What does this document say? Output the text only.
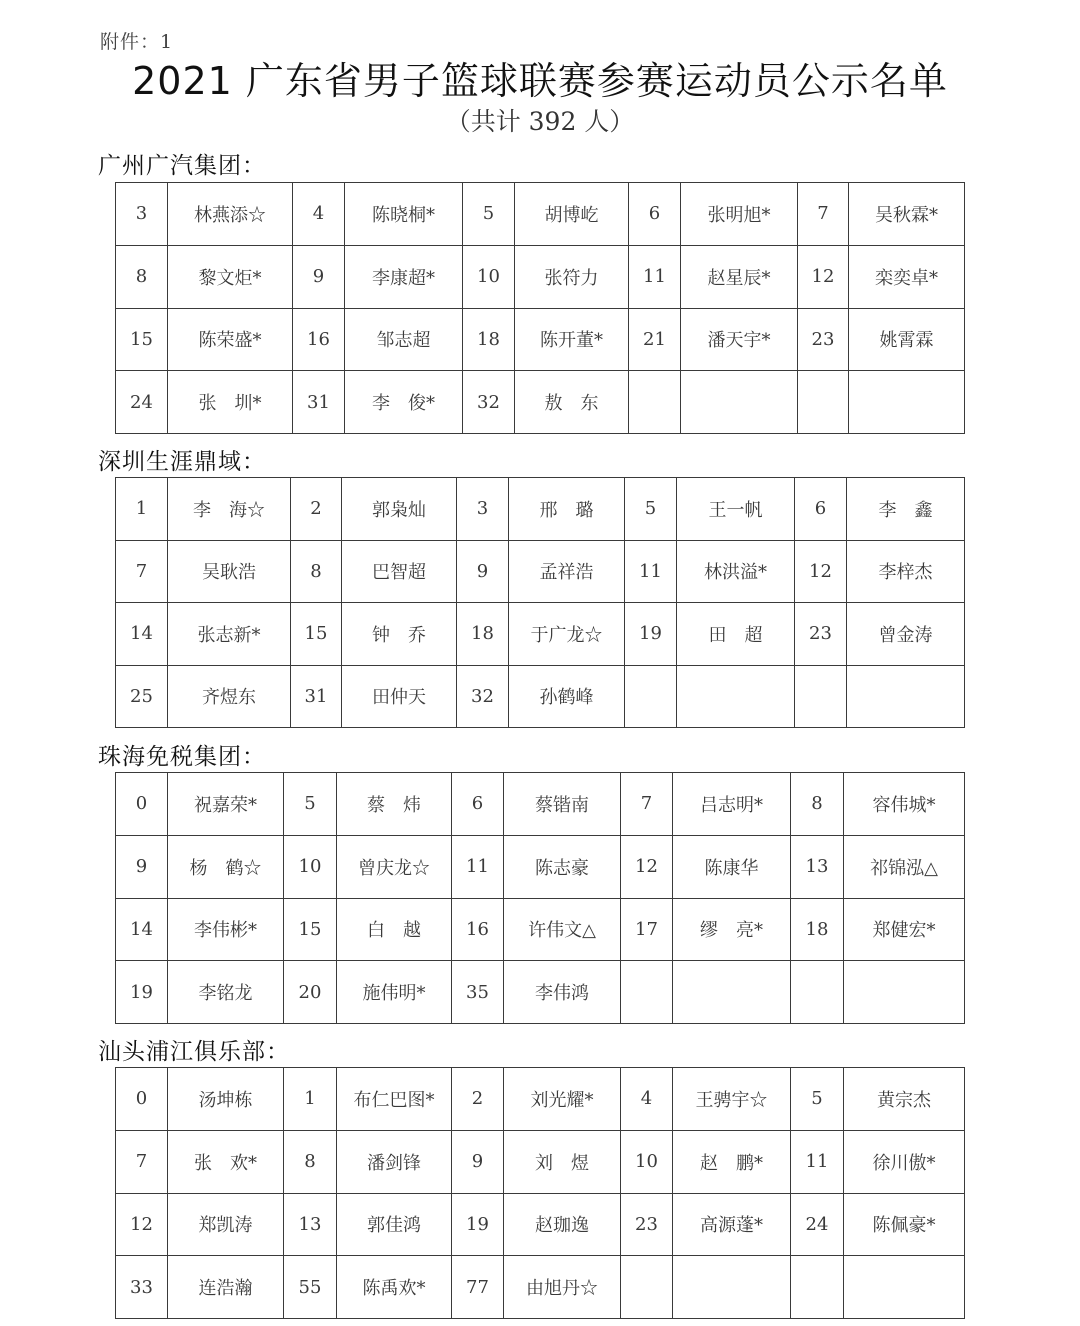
附件：1
2021 广东省男子篮球联赛参赛运动员公示名单
（共计 392 人）
广州广汽集团：
3	林燕添☆	4	陈晓桐*	5	胡博屹	6	张明旭*	7	吴秋霖*
8	黎文炬*	9	李康超*	10	张符力	11	赵星辰*	12	栾奕卓*
15	陈荣盛*	16	邹志超	18	陈开董*	21	潘天宇*	23	姚霄霖
24	张　圳*	31	李　俊*	32	敖　东				
深圳生涯鼎域：
1	李　海☆	2	郭枭灿	3	邢　璐	5	王一帆	6	李　鑫
7	吴耿浩	8	巴智超	9	孟祥浩	11	林洪溢*	12	李梓杰
14	张志新*	15	钟　乔	18	于广龙☆	19	田　超	23	曾金涛
25	齐煜东	31	田仲天	32	孙鹤峰				
珠海免税集团：
0	祝嘉荣*	5	蔡　炜	6	蔡锴南	7	吕志明*	8	容伟城*
9	杨　鹤☆	10	曾庆龙☆	11	陈志豪	12	陈康华	13	祁锦泓△
14	李伟彬*	15	白　越	16	许伟文△	17	缪　亮*	18	郑健宏*
19	李铭龙	20	施伟明*	35	李伟鸿				
汕头浦江俱乐部：
0	汤坤栋	1	布仁巴图*	2	刘光耀*	4	王骋宇☆	5	黄宗杰
7	张　欢*	8	潘剑锋	9	刘　煜	10	赵　鹏*	11	徐川傲*
12	郑凯涛	13	郭佳鸿	19	赵珈逸	23	高源蓬*	24	陈佩豪*
33	连浩瀚	55	陈禹欢*	77	由旭丹☆				
